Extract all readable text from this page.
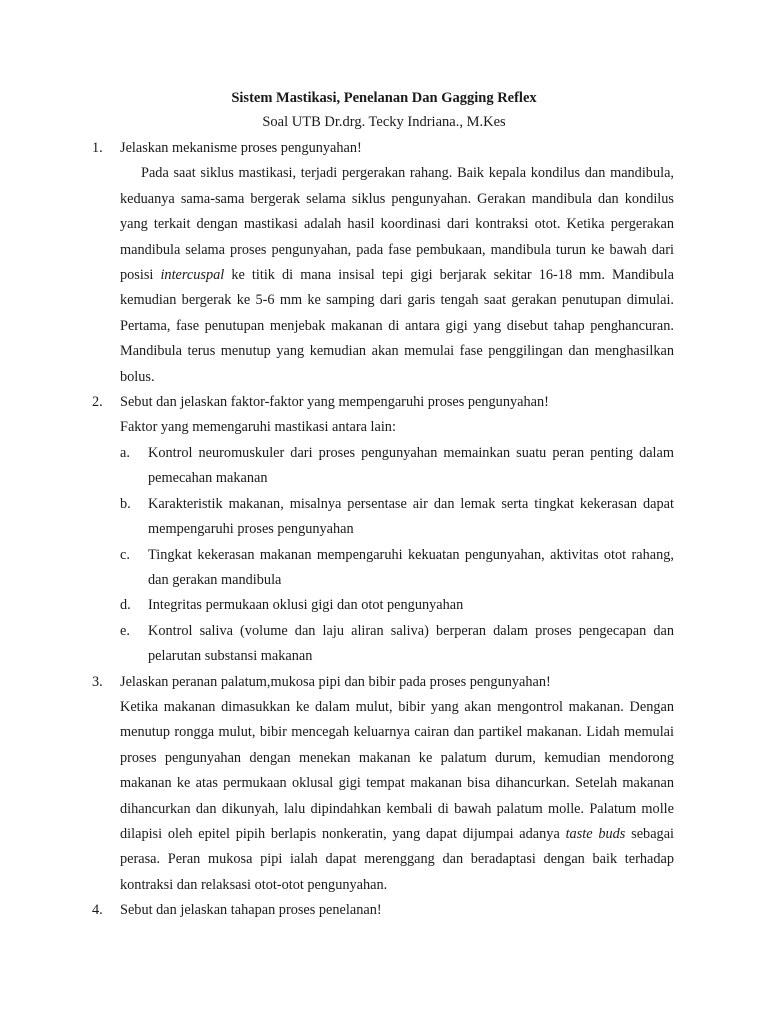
Sistem Mastikasi, Penelanan Dan Gagging Reflex
Soal UTB Dr.drg. Tecky Indriana., M.Kes
1. Jelaskan mekanisme proses pengunyahan!

Pada saat siklus mastikasi, terjadi pergerakan rahang. Baik kepala kondilus dan mandibula, keduanya sama-sama bergerak selama siklus pengunyahan. Gerakan mandibula dan kondilus yang terkait dengan mastikasi adalah hasil koordinasi dari kontraksi otot. Ketika pergerakan mandibula selama proses pengunyahan, pada fase pembukaan, mandibula turun ke bawah dari posisi intercuspal ke titik di mana insisal tepi gigi berjarak sekitar 16-18 mm. Mandibula kemudian bergerak ke 5-6 mm ke samping dari garis tengah saat gerakan penutupan dimulai. Pertama, fase penutupan menjebak makanan di antara gigi yang disebut tahap penghancuran. Mandibula terus menutup yang kemudian akan memulai fase penggilingan dan menghasilkan bolus.

2. Sebut dan jelaskan faktor-faktor yang mempengaruhi proses pengunyahan!

Faktor yang memengaruhi mastikasi antara lain:

a. Kontrol neuromuskuler dari proses pengunyahan memainkan suatu peran penting dalam pemecahan makanan

b. Karakteristik makanan, misalnya persentase air dan lemak serta tingkat kekerasan dapat mempengaruhi proses pengunyahan

c. Tingkat kekerasan makanan mempengaruhi kekuatan pengunyahan, aktivitas otot rahang, dan gerakan mandibula

d. Integritas permukaan oklusi gigi dan otot pengunyahan

e. Kontrol saliva (volume dan laju aliran saliva) berperan dalam proses pengecapan dan pelarutan substansi makanan

3. Jelaskan peranan palatum,mukosa pipi dan bibir pada proses pengunyahan!

Ketika makanan dimasukkan ke dalam mulut, bibir yang akan mengontrol makanan. Dengan menutup rongga mulut, bibir mencegah keluarnya cairan dan partikel makanan. Lidah memulai proses pengunyahan dengan menekan makanan ke palatum durum, kemudian mendorong makanan ke atas permukaan oklusal gigi tempat makanan bisa dihancurkan. Setelah makanan dihancurkan dan dikunyah, lalu dipindahkan kembali di bawah palatum molle. Palatum molle dilapisi oleh epitel pipih berlapis nonkeratin, yang dapat dijumpai adanya taste buds sebagai perasa. Peran mukosa pipi ialah dapat merenggang dan beradaptasi dengan baik terhadap kontraksi dan relaksasi otot-otot pengunyahan.

4. Sebut dan jelaskan tahapan proses penelanan!
